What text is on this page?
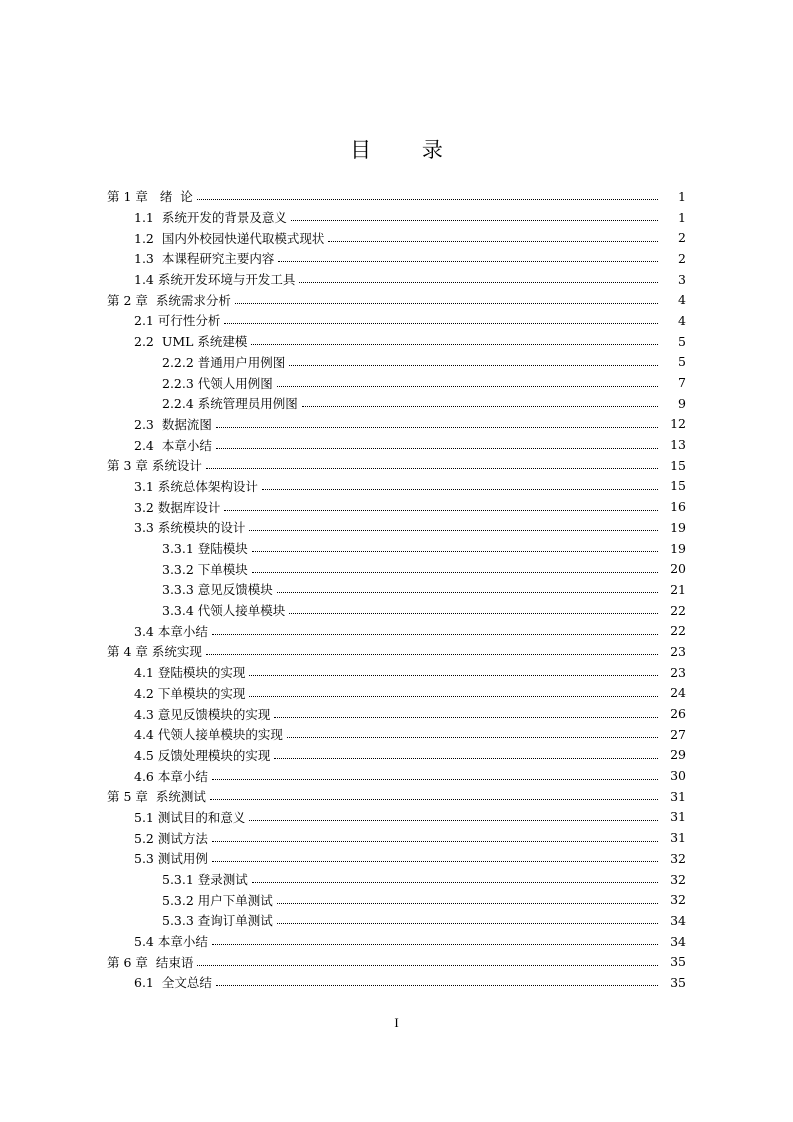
目 录
第 1 章   绪  论	1
1.1  系统开发的背景及意义	1
1.2  国内外校园快递代取模式现状	2
1.3  本课程研究主要内容	2
1.4 系统开发环境与开发工具	3
第 2 章  系统需求分析	4
2.1 可行性分析	4
2.2  UML 系统建模	5
2.2.2 普通用户用例图	5
2.2.3 代领人用例图	7
2.2.4 系统管理员用例图	9
2.3  数据流图	12
2.4  本章小结	13
第 3 章 系统设计	15
3.1 系统总体架构设计	15
3.2 数据库设计	16
3.3 系统模块的设计	19
3.3.1 登陆模块	19
3.3.2 下单模块	20
3.3.3 意见反馈模块	21
3.3.4 代领人接单模块	22
3.4 本章小结	22
第 4 章 系统实现	23
4.1 登陆模块的实现	23
4.2 下单模块的实现	24
4.3 意见反馈模块的实现	26
4.4 代领人接单模块的实现	27
4.5 反馈处理模块的实现	29
4.6 本章小结	30
第 5 章  系统测试	31
5.1 测试目的和意义	31
5.2 测试方法	31
5.3 测试用例	32
5.3.1 登录测试	32
5.3.2 用户下单测试	32
5.3.3 查询订单测试	34
5.4 本章小结	34
第 6 章  结束语	35
6.1  全文总结	35
I
